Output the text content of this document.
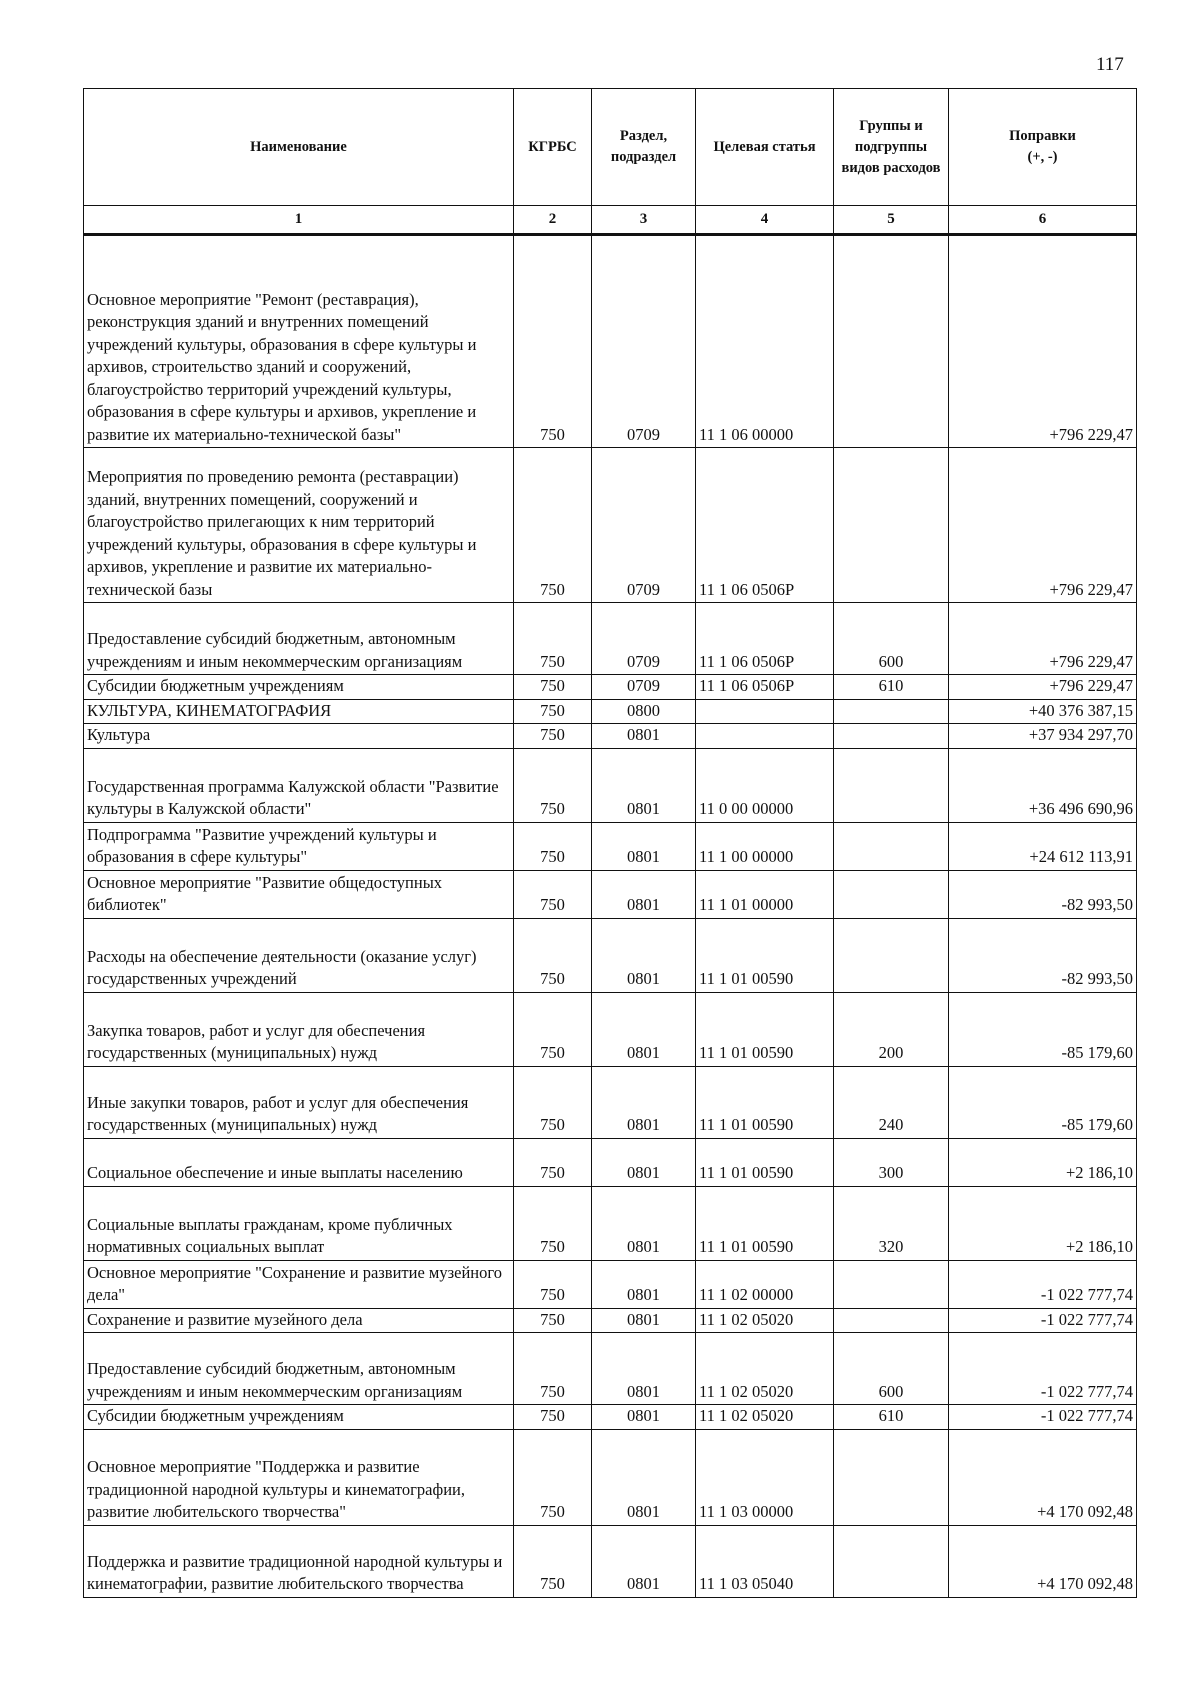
117
Наименование	КГРБС	Раздел, подраздел	Целевая статья	Группы и подгруппы видов расходов	Поправки
(+, -)
1	2	3	4	5	6
Основное мероприятие "Ремонт (реставрация), реконструкция зданий и внутренних помещений учреждений культуры, образования в сфере культуры и архивов, строительство зданий и сооружений, благоустройство территорий учреждений культуры, образования в сфере культуры и архивов, укрепление и развитие их материально-технической базы"	750	0709	11 1 06 00000		+796 229,47
Мероприятия по проведению ремонта (реставрации) зданий, внутренних помещений, сооружений и благоустройство прилегающих к ним территорий учреждений культуры, образования в сфере культуры и архивов, укрепление и развитие их материально-технической базы	750	0709	11 1 06 0506Р		+796 229,47
Предоставление субсидий бюджетным, автономным учреждениям и иным некоммерческим организациям	750	0709	11 1 06 0506Р	600	+796 229,47
Субсидии бюджетным учреждениям	750	0709	11 1 06 0506Р	610	+796 229,47
КУЛЬТУРА, КИНЕМАТОГРАФИЯ	750	0800			+40 376 387,15
Культура	750	0801			+37 934 297,70
Государственная программа Калужской области "Развитие культуры в Калужской области"	750	0801	11 0 00 00000		+36 496 690,96
Подпрограмма "Развитие учреждений культуры и образования в сфере культуры"	750	0801	11 1 00 00000		+24 612 113,91
Основное мероприятие "Развитие общедоступных библиотек"	750	0801	11 1 01 00000		-82 993,50
Расходы на обеспечение деятельности (оказание услуг) государственных учреждений	750	0801	11 1 01 00590		-82 993,50
Закупка товаров, работ и услуг для обеспечения государственных (муниципальных) нужд	750	0801	11 1 01 00590	200	-85 179,60
Иные закупки товаров, работ и услуг для обеспечения государственных (муниципальных) нужд	750	0801	11 1 01 00590	240	-85 179,60
Социальное обеспечение и иные выплаты населению	750	0801	11 1 01 00590	300	+2 186,10
Социальные выплаты гражданам, кроме публичных нормативных социальных выплат	750	0801	11 1 01 00590	320	+2 186,10
Основное мероприятие "Сохранение и развитие музейного дела"	750	0801	11 1 02 00000		-1 022 777,74
Сохранение и развитие музейного дела	750	0801	11 1 02 05020		-1 022 777,74
Предоставление субсидий бюджетным, автономным учреждениям и иным некоммерческим организациям	750	0801	11 1 02 05020	600	-1 022 777,74
Субсидии бюджетным учреждениям	750	0801	11 1 02 05020	610	-1 022 777,74
Основное мероприятие "Поддержка и развитие традиционной народной культуры и кинематографии, развитие любительского творчества"	750	0801	11 1 03 00000		+4 170 092,48
Поддержка и развитие традиционной народной культуры и кинематографии, развитие любительского творчества	750	0801	11 1 03 05040		+4 170 092,48
